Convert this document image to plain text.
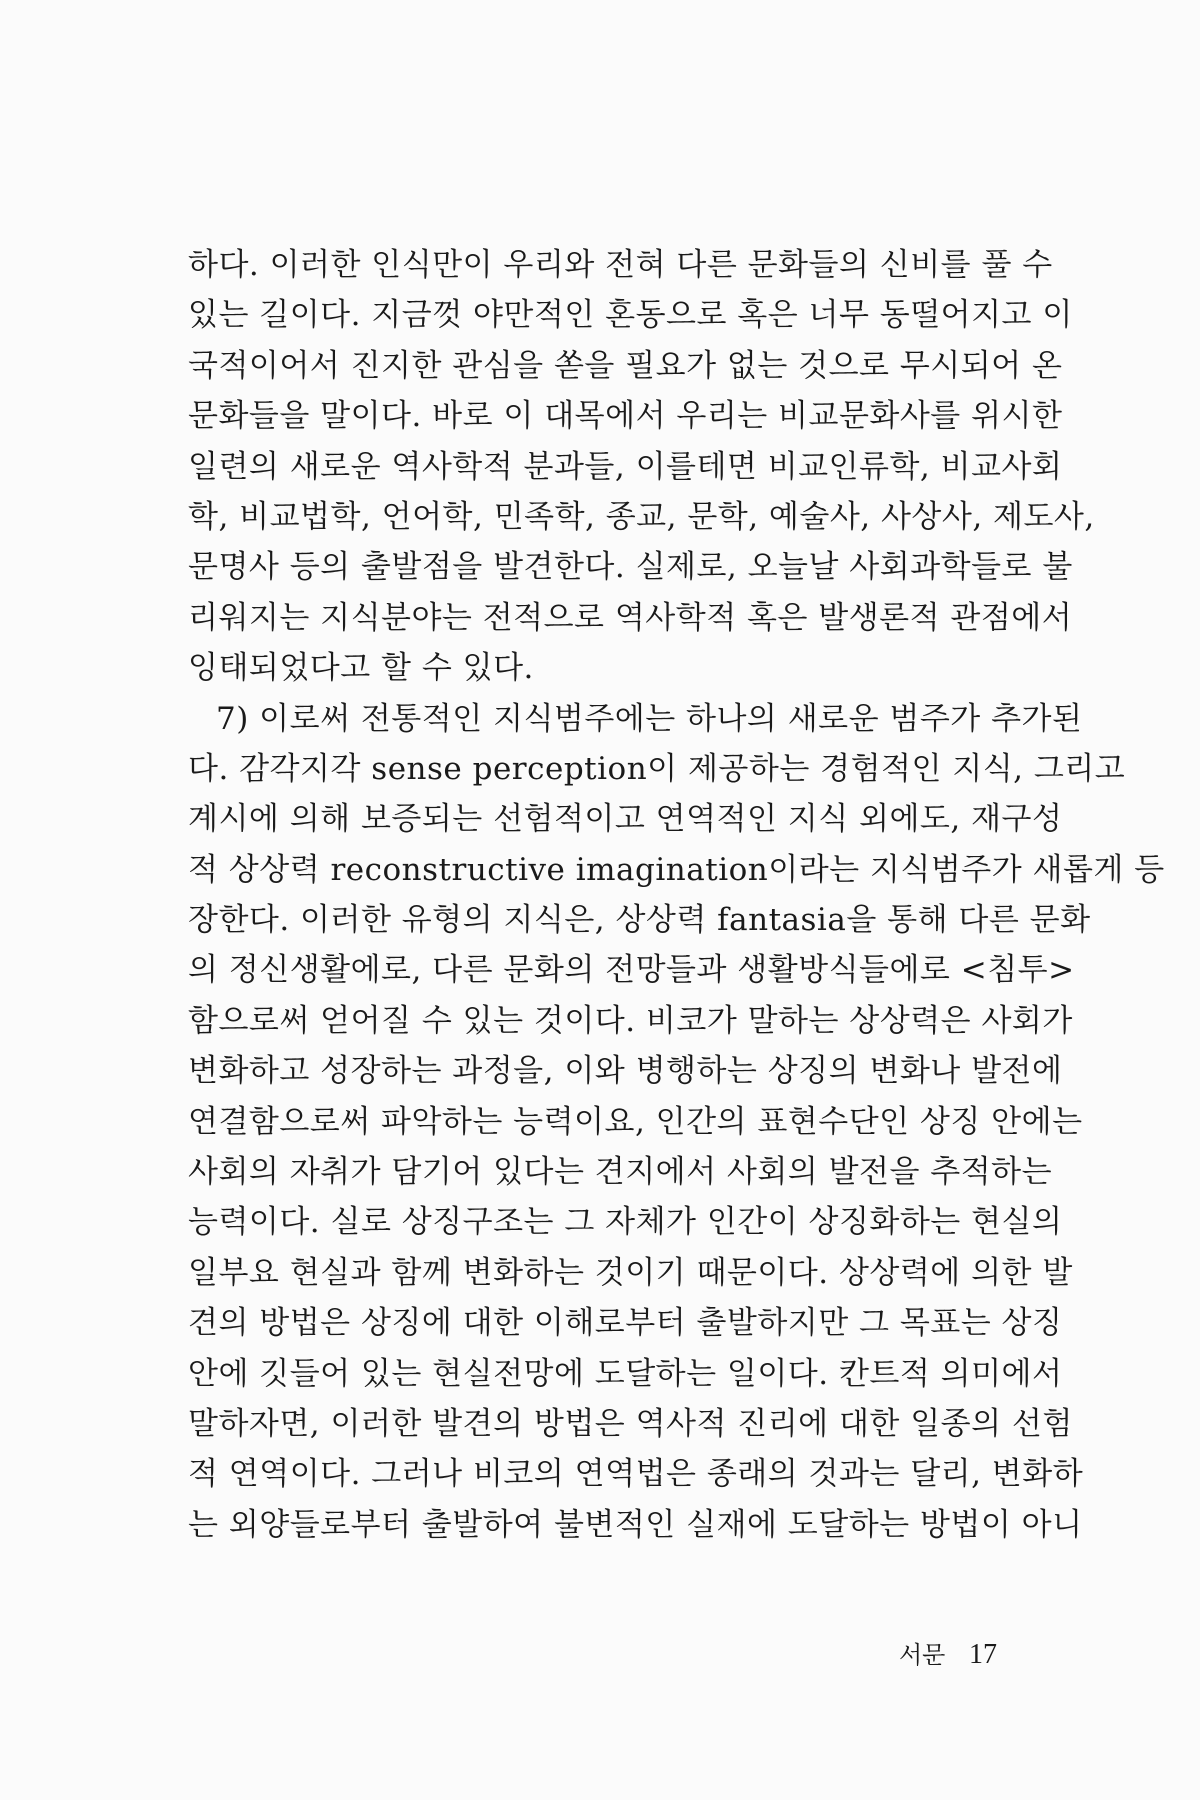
하다. 이러한 인식만이 우리와 전혀 다른 문화들의 신비를 풀 수
있는 길이다. 지금껏 야만적인 혼동으로 혹은 너무 동떨어지고 이
국적이어서 진지한 관심을 쏟을 필요가 없는 것으로 무시되어 온
문화들을 말이다. 바로 이 대목에서 우리는 비교문화사를 위시한
일련의 새로운 역사학적 분과들, 이를테면 비교인류학, 비교사회
학, 비교법학, 언어학, 민족학, 종교, 문학, 예술사, 사상사, 제도사,
문명사 등의 출발점을 발견한다. 실제로, 오늘날 사회과학들로 불
리워지는 지식분야는 전적으로 역사학적 혹은 발생론적 관점에서
잉태되었다고 할 수 있다.
7) 이로써 전통적인 지식범주에는 하나의 새로운 범주가 추가된
다. 감각지각 sense perception이 제공하는 경험적인 지식, 그리고
계시에 의해 보증되는 선험적이고 연역적인 지식 외에도, 재구성
적 상상력 reconstructive imagination이라는 지식범주가 새롭게 등
장한다. 이러한 유형의 지식은, 상상력 fantasia을 통해 다른 문화
의 정신생활에로, 다른 문화의 전망들과 생활방식들에로 <침투>
함으로써 얻어질 수 있는 것이다. 비코가 말하는 상상력은 사회가
변화하고 성장하는 과정을, 이와 병행하는 상징의 변화나 발전에
연결함으로써 파악하는 능력이요, 인간의 표현수단인 상징 안에는
사회의 자취가 담기어 있다는 견지에서 사회의 발전을 추적하는
능력이다. 실로 상징구조는 그 자체가 인간이 상징화하는 현실의
일부요 현실과 함께 변화하는 것이기 때문이다. 상상력에 의한 발
견의 방법은 상징에 대한 이해로부터 출발하지만 그 목표는 상징
안에 깃들어 있는 현실전망에 도달하는 일이다. 칸트적 의미에서
말하자면, 이러한 발견의 방법은 역사적 진리에 대한 일종의 선험
적 연역이다. 그러나 비코의 연역법은 종래의 것과는 달리, 변화하
는 외양들로부터 출발하여 불변적인 실재에 도달하는 방법이 아니
서문 17
